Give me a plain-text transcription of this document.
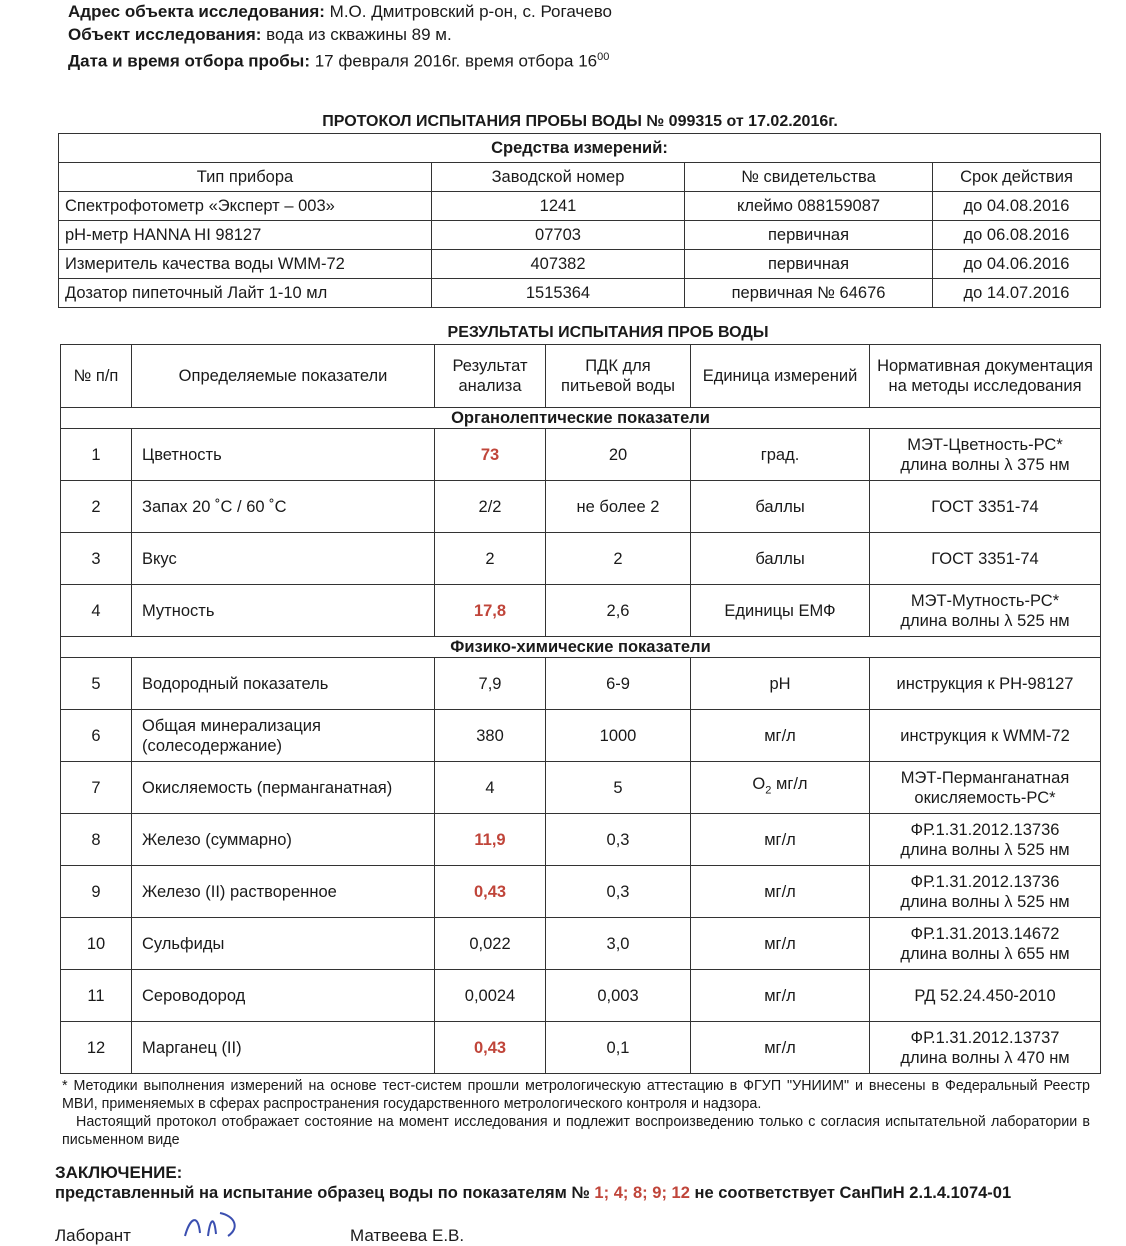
Адрес объекта исследования: М.О. Дмитровский р-он, с. Рогачево
Объект исследования: вода из скважины 89 м.
Дата и время отбора пробы: 17 февраля 2016г. время отбора $16^{00}$
ПРОТОКОЛ ИСПЫТАНИЯ ПРОБЫ ВОДЫ № 099315 от 17.02.2016г.
Средства измерений:			
Тип прибора	Заводской номер	№ свидетельства	Срок действия
Спектрофотометр «Эксперт – 003»	1241	клеймо 088159087	до 04.08.2016
pH-метр HANNA HI 98127	07703	первичная	до 06.08.2016
Измеритель качества воды WMM-72	407382	первичная	до 04.06.2016
Дозатор пипеточный Лайт 1-10 мл	1515364	первичная № 64676	до 14.07.2016
РЕЗУЛЬТАТЫ ИСПЫТАНИЯ ПРОБ ВОДЫ
№ п/п	Определяемые показатели	Результат анализа	ПДК для питьевой воды	Единица измерений	Нормативная документация на методы исследования
Органолептические показатели					
1	Цветность	73	20	град.	МЭТ-Цветность-РС*
длина волны λ 375 нм

2	Запах 20 ˚С / 60 ˚С	2/2	не более 2	баллы	ГОСТ 3351-74
3	Вкус	2	2	баллы	ГОСТ 3351-74
4	Мутность	17,8	2,6	Единицы ЕМФ	МЭТ-Мутность-РС*
длина волны λ 525 нм

Физико-химические показатели					
5	Водородный показатель	7,9	6-9	pH	инструкция к PH-98127
6	Общая минерализация
(солесодержание)	380	1000	мг/л	инструкция к WMM-72
7	Окисляемость (перманганатная)	4	5	$O_2$ мг/л	МЭТ-Перманганатная
окисляемость-РС*

8	Железо (суммарно)	11,9	0,3	мг/л	ФР.1.31.2012.13736
длина волны λ 525 нм

9	Железо (II) растворенное	0,43	0,3	мг/л	ФР.1.31.2012.13736
длина волны λ 525 нм

10	Сульфиды	0,022	3,0	мг/л	ФР.1.31.2013.14672
длина волны λ 655 нм

11	Сероводород	0,0024	0,003	мг/л	РД 52.24.450-2010
12	Марганец (II)	0,43	0,1	мг/л	ФР.1.31.2012.13737
длина волны λ 470 нм
* Методики выполнения измерений на основе тест-систем прошли метрологическую аттестацию в ФГУП "УНИИМ" и внесены в Федеральный Реестр МВИ, применяемых в сферах распространения государственного метрологического контроля и надзора.
Настоящий протокол отображает состояние на момент исследования и подлежит воспроизведению только с согласия испытательной лаборатории в письменном виде
ЗАКЛЮЧЕНИЕ:
представленный на испытание образец воды по показателям № 1; 4; 8; 9; 12 не соответствует СанПиН 2.1.4.1074-01
Лаборант	Матвеева Е.В.
